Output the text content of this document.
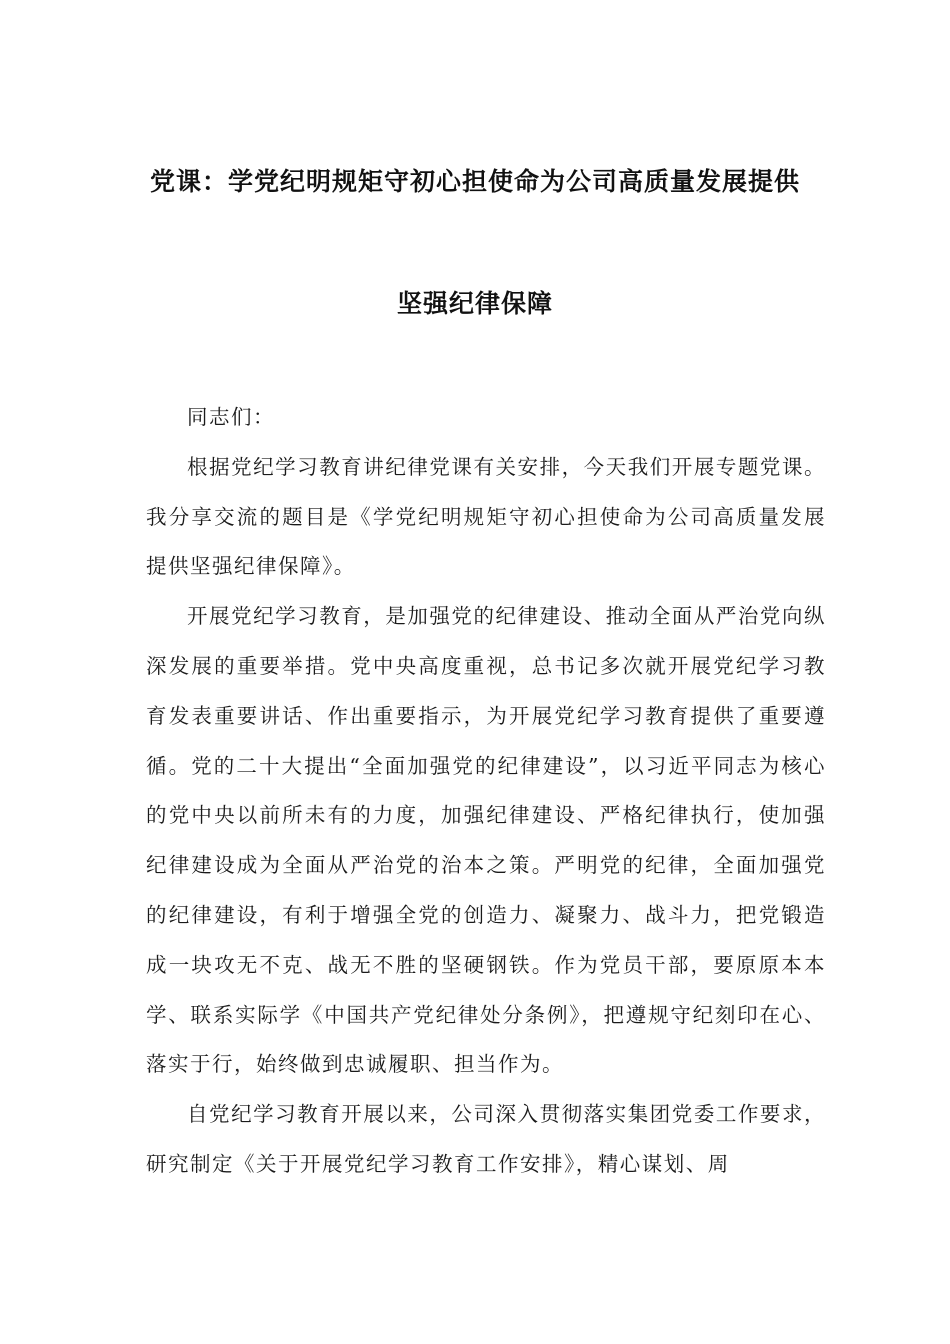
党课：学党纪明规矩守初心担使命为公司高质量发展提供
坚强纪律保障

同志们：

根据党纪学习教育讲纪律党课有关安排，今天我们开展专题党课。我分享交流的题目是《学党纪明规矩守初心担使命为公司高质量发展提供坚强纪律保障》。

开展党纪学习教育，是加强党的纪律建设、推动全面从严治党向纵深发展的重要举措。党中央高度重视，总书记多次就开展党纪学习教育发表重要讲话、作出重要指示，为开展党纪学习教育提供了重要遵循。党的二十大提出“全面加强党的纪律建设”，以习近平同志为核心的党中央以前所未有的力度，加强纪律建设、严格纪律执行，使加强纪律建设成为全面从严治党的治本之策。严明党的纪律，全面加强党的纪律建设，有利于增强全党的创造力、凝聚力、战斗力，把党锻造成一块攻无不克、战无不胜的坚硬钢铁。作为党员干部，要原原本本学、联系实际学《中国共产党纪律处分条例》，把遵规守纪刻印在心、落实于行，始终做到忠诚履职、担当作为。

自党纪学习教育开展以来，公司深入贯彻落实集团党委工作要求，研究制定《关于开展党纪学习教育工作安排》，精心谋划、周
